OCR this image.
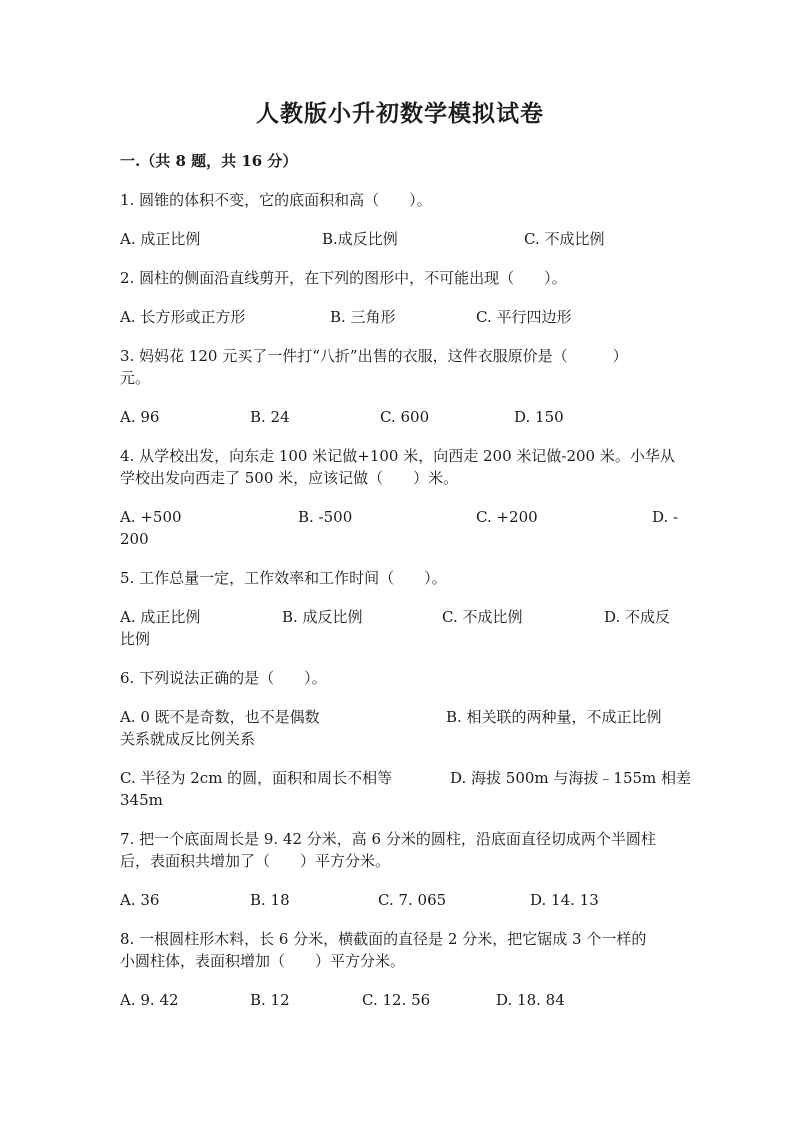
人教版小升初数学模拟试卷
一.（共 8 题，共 16 分）
1. 圆锥的体积不变，它的底面积和高（　　）。
A. 成正比例	B.成反比例	C. 不成比例
2. 圆柱的侧面沿直线剪开，在下列的图形中，不可能出现（　　）。
A. 长方形或正方形	B. 三角形	C. 平行四边形
3. 妈妈花 120 元买了一件打“八折”出售的衣服，这件衣服原价是（　　　）
元。
A. 96	B. 24	C. 600	D. 150
4. 从学校出发，向东走 100 米记做+100 米，向西走 200 米记做-200 米。小华从
学校出发向西走了 500 米，应该记做（　　）米。
A. +500	B. -500	C. +200	D. -
200
5. 工作总量一定，工作效率和工作时间（　　）。
A. 成正比例	B. 成反比例	C. 不成比例	D. 不成反
比例
6. 下列说法正确的是（　　）。
A. 0 既不是奇数，也不是偶数	B. 相关联的两种量，不成正比例
关系就成反比例关系
C. 半径为 2cm 的圆，面积和周长不相等	D. 海拔 500m 与海拔﹣155m 相差
345m
7. 把一个底面周长是 9. 42 分米，高 6 分米的圆柱，沿底面直径切成两个半圆柱
后，表面积共增加了（　　）平方分米。
A. 36	B. 18	C. 7. 065	D. 14. 13
8. 一根圆柱形木料，长 6 分米，横截面的直径是 2 分米，把它锯成 3 个一样的
小圆柱体，表面积增加（　　）平方分米。
A. 9. 42	B. 12	C. 12. 56	D. 18. 84
